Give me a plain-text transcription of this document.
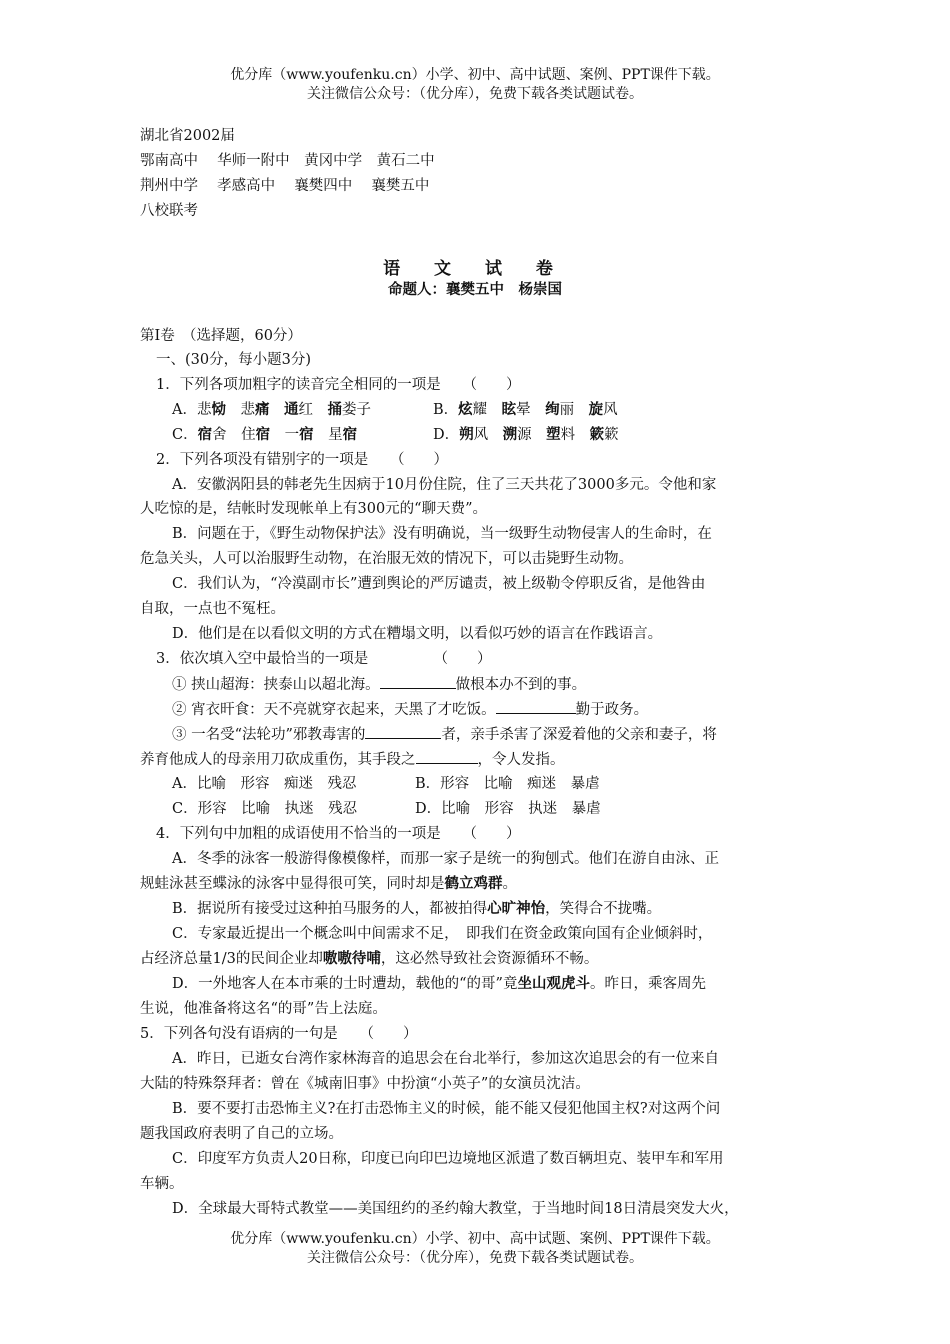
优分库（www.youfenku.cn）小学、初中、高中试题、案例、PPT课件下载。
关注微信公众号：（优分库），免费下载各类试题试卷。
湖北省2002届
鄂南高中　 华师一附中　黄冈中学　黄石二中
荆州中学　 孝感高中　 襄樊四中　 襄樊五中
八校联考
语 文 试 卷
命题人：襄樊五中　杨崇国
第Ⅰ卷　（选择题，60分）
一、(30分，每小题3分)
1．下列各项加粗字的读音完全相同的一项是　　（　　）
A．悲恸　悲痛　 通红　捅娄子	B．炫耀　眩晕　绚丽　旋风
C．宿舍　住宿　一宿　星宿	D．朔风　溯源　塑料　簌簌
2．下列各项没有错别字的一项是　　（　　）
A．安徽涡阳县的韩老先生因病于10月份住院，住了三天共花了3000多元。令他和家
人吃惊的是，结帐时发现帐单上有300元的“聊天费”。
B．问题在于，《野生动物保护法》没有明确说，当一级野生动物侵害人的生命时，在
危急关头，人可以治服野生动物，在治服无效的情况下，可以击毙野生动物。
C．我们认为，“冷漠副市长”遭到舆论的严厉谴责，被上级勒令停职反省，是他咎由
自取，一点也不冤枉。
D．他们是在以看似文明的方式在糟塌文明，以看似巧妙的语言在作践语言。
3．依次填入空中最恰当的一项是　　　　　（　　）
① 挟山超海：挟泰山以超北海。	做根本办不到的事。
② 宵衣旰食：天不亮就穿衣起来，天黑了才吃饭。	勤于政务。
③ 一名受“法轮功”邪教毒害的	者，亲手杀害了深爱着他的父亲和妻子，将
养育他成人的母亲用刀砍成重伤，其手段之	，令人发指。
A．比喻　形容　痴迷　残忍	B．形容　比喻　痴迷　暴虐
C．形容　比喻　执迷　残忍	D．比喻　形容　执迷　暴虐
4．下列句中加粗的成语使用不恰当的一项是　　（　　）
A．冬季的泳客一般游得像模像样，而那一家子是统一的狗刨式。他们在游自由泳、正
规蛙泳甚至蝶泳的泳客中显得很可笑，同时却是鹤立鸡群。
B．据说所有接受过这种拍马服务的人，都被拍得心旷神怡，笑得合不拢嘴。
C．专家最近提出一个概念叫中间需求不足，　即我们在资金政策向国有企业倾斜时，
占经济总量1/3的民间企业却嗷嗷待哺，这必然导致社会资源循环不畅。
D．一外地客人在本市乘的士时遭劫，载他的“的哥”竟坐山观虎斗。昨日，乘客周先
生说，他准备将这名“的哥”告上法庭。
5．下列各句没有语病的一句是　　（　　）
A．昨日，已逝女台湾作家林海音的追思会在台北举行，参加这次追思会的有一位来自
大陆的特殊祭拜者：曾在《城南旧事》中扮演“小英子”的女演员沈洁。
B．要不要打击恐怖主义?在打击恐怖主义的时候，能不能又侵犯他国主权?对这两个问
题我国政府表明了自己的立场。
C．印度军方负责人20日称，印度已向印巴边境地区派遣了数百辆坦克、装甲车和军用
车辆。
D．全球最大哥特式教堂——美国纽约的圣约翰大教堂，于当地时间18日清晨突发大火，
优分库（www.youfenku.cn）小学、初中、高中试题、案例、PPT课件下载。
关注微信公众号：（优分库），免费下载各类试题试卷。
